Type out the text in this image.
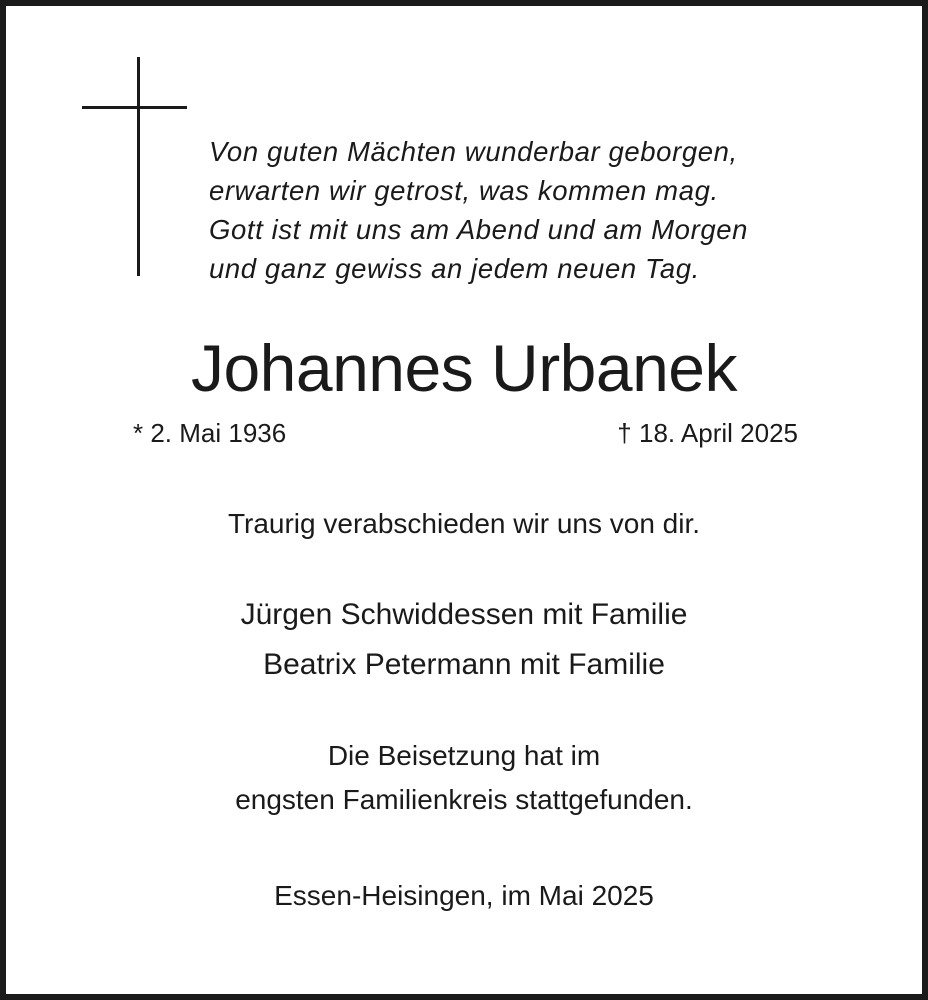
Von guten Mächten wunderbar geborgen,
erwarten wir getrost, was kommen mag.
Gott ist mit uns am Abend und am Morgen
und ganz gewiss an jedem neuen Tag.
Johannes Urbanek
* 2. Mai 1936	† 18. April 2025
Traurig verabschieden wir uns von dir.
Jürgen Schwiddessen mit Familie
Beatrix Petermann mit Familie
Die Beisetzung hat im
engsten Familienkreis stattgefunden.
Essen-Heisingen, im Mai 2025
